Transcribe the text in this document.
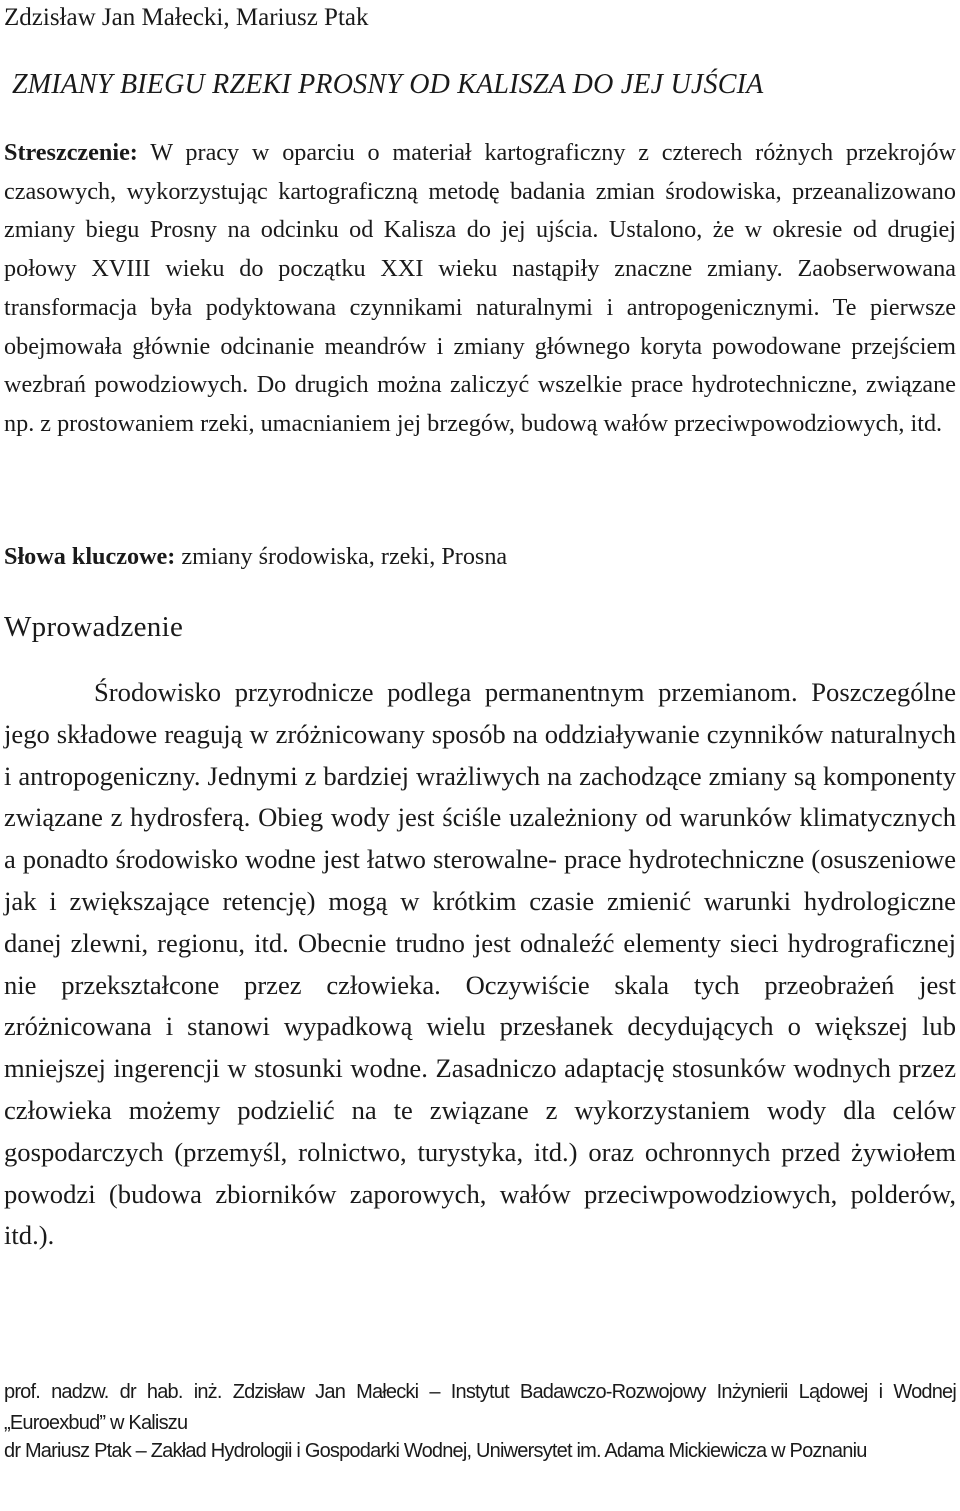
Zdzisław Jan Małecki, Mariusz Ptak
ZMIANY BIEGU RZEKI PROSNY OD KALISZA DO JEJ UJŚCIA

Streszczenie: W pracy w oparciu o materiał kartograficzny z czterech różnych przekrojów czasowych, wykorzystując kartograficzną metodę badania zmian środowiska, przeanalizowano zmiany biegu Prosny na odcinku od Kalisza do jej ujścia. Ustalono, że w okresie od drugiej połowy XVIII wieku do początku XXI wieku nastąpiły znaczne zmiany. Zaobserwowana transformacja była podyktowana czynnikami naturalnymi i antropogenicznymi. Te pierwsze obejmowała głównie odcinanie meandrów i zmiany głównego koryta powodowane przejściem wezbrań powodziowych. Do drugich można zaliczyć wszelkie prace hydrotechniczne, związane np. z prostowaniem rzeki, umacnianiem jej brzegów, budową wałów przeciwpowodziowych, itd.

Słowa kluczowe: zmiany środowiska, rzeki, Prosna

Wprowadzenie

Środowisko przyrodnicze podlega permanentnym przemianom. Poszczególne jego składowe reagują w zróżnicowany sposób na oddziaływanie czynników naturalnych i antropogeniczny. Jednymi z bardziej wrażliwych na zachodzące zmiany są komponenty związane z hydrosferą. Obieg wody jest ściśle uzależniony od warunków klimatycznych a ponadto środowisko wodne jest łatwo sterowalne- prace hydrotechniczne (osuszeniowe jak i zwiększające retencję) mogą w krótkim czasie zmienić warunki hydrologiczne danej zlewni, regionu, itd. Obecnie trudno jest odnaleźć elementy sieci hydrograficznej nie przekształcone przez człowieka. Oczywiście skala tych przeobrażeń jest zróżnicowana i stanowi wypadkową wielu przesłanek decydujących o większej lub mniejszej ingerencji w stosunki wodne. Zasadniczo adaptację stosunków wodnych przez człowieka możemy podzielić na te związane z wykorzystaniem wody dla celów gospodarczych (przemyśl, rolnictwo, turystyka, itd.) oraz ochronnych przed żywiołem powodzi (budowa zbiorników zaporowych, wałów przeciwpowodziowych, polderów, itd.).

prof. nadzw. dr hab. inż. Zdzisław Jan Małecki – Instytut Badawczo-Rozwojowy Inżynierii Lądowej i Wodnej „Euroexbud” w Kaliszu

dr Mariusz Ptak – Zakład Hydrologii i Gospodarki Wodnej, Uniwersytet im. Adama Mickiewicza w Poznaniu
